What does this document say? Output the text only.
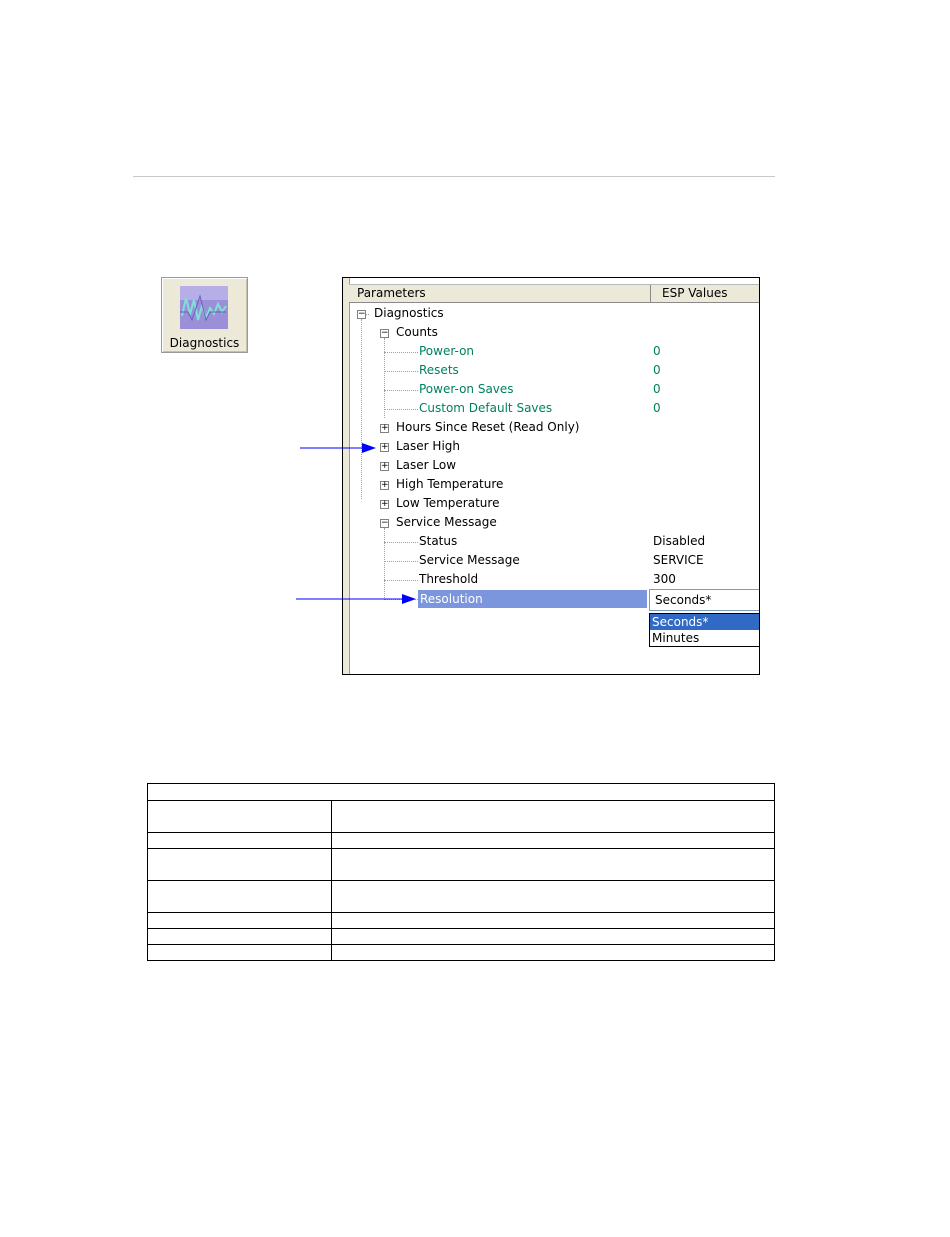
Diagnostics
Parameters	ESP Values
− Diagnostics
− Counts
Power-on	0
Resets	0
Power-on Saves	0
Custom Default Saves	0
+ Hours Since Reset (Read Only)
+ Laser High
+ Laser Low
+ High Temperature
+ Low Temperature
− Service Message
Status	Disabled
Service Message	SERVICE
Threshold	300
Resolution	Seconds*
Seconds*
Minutes
